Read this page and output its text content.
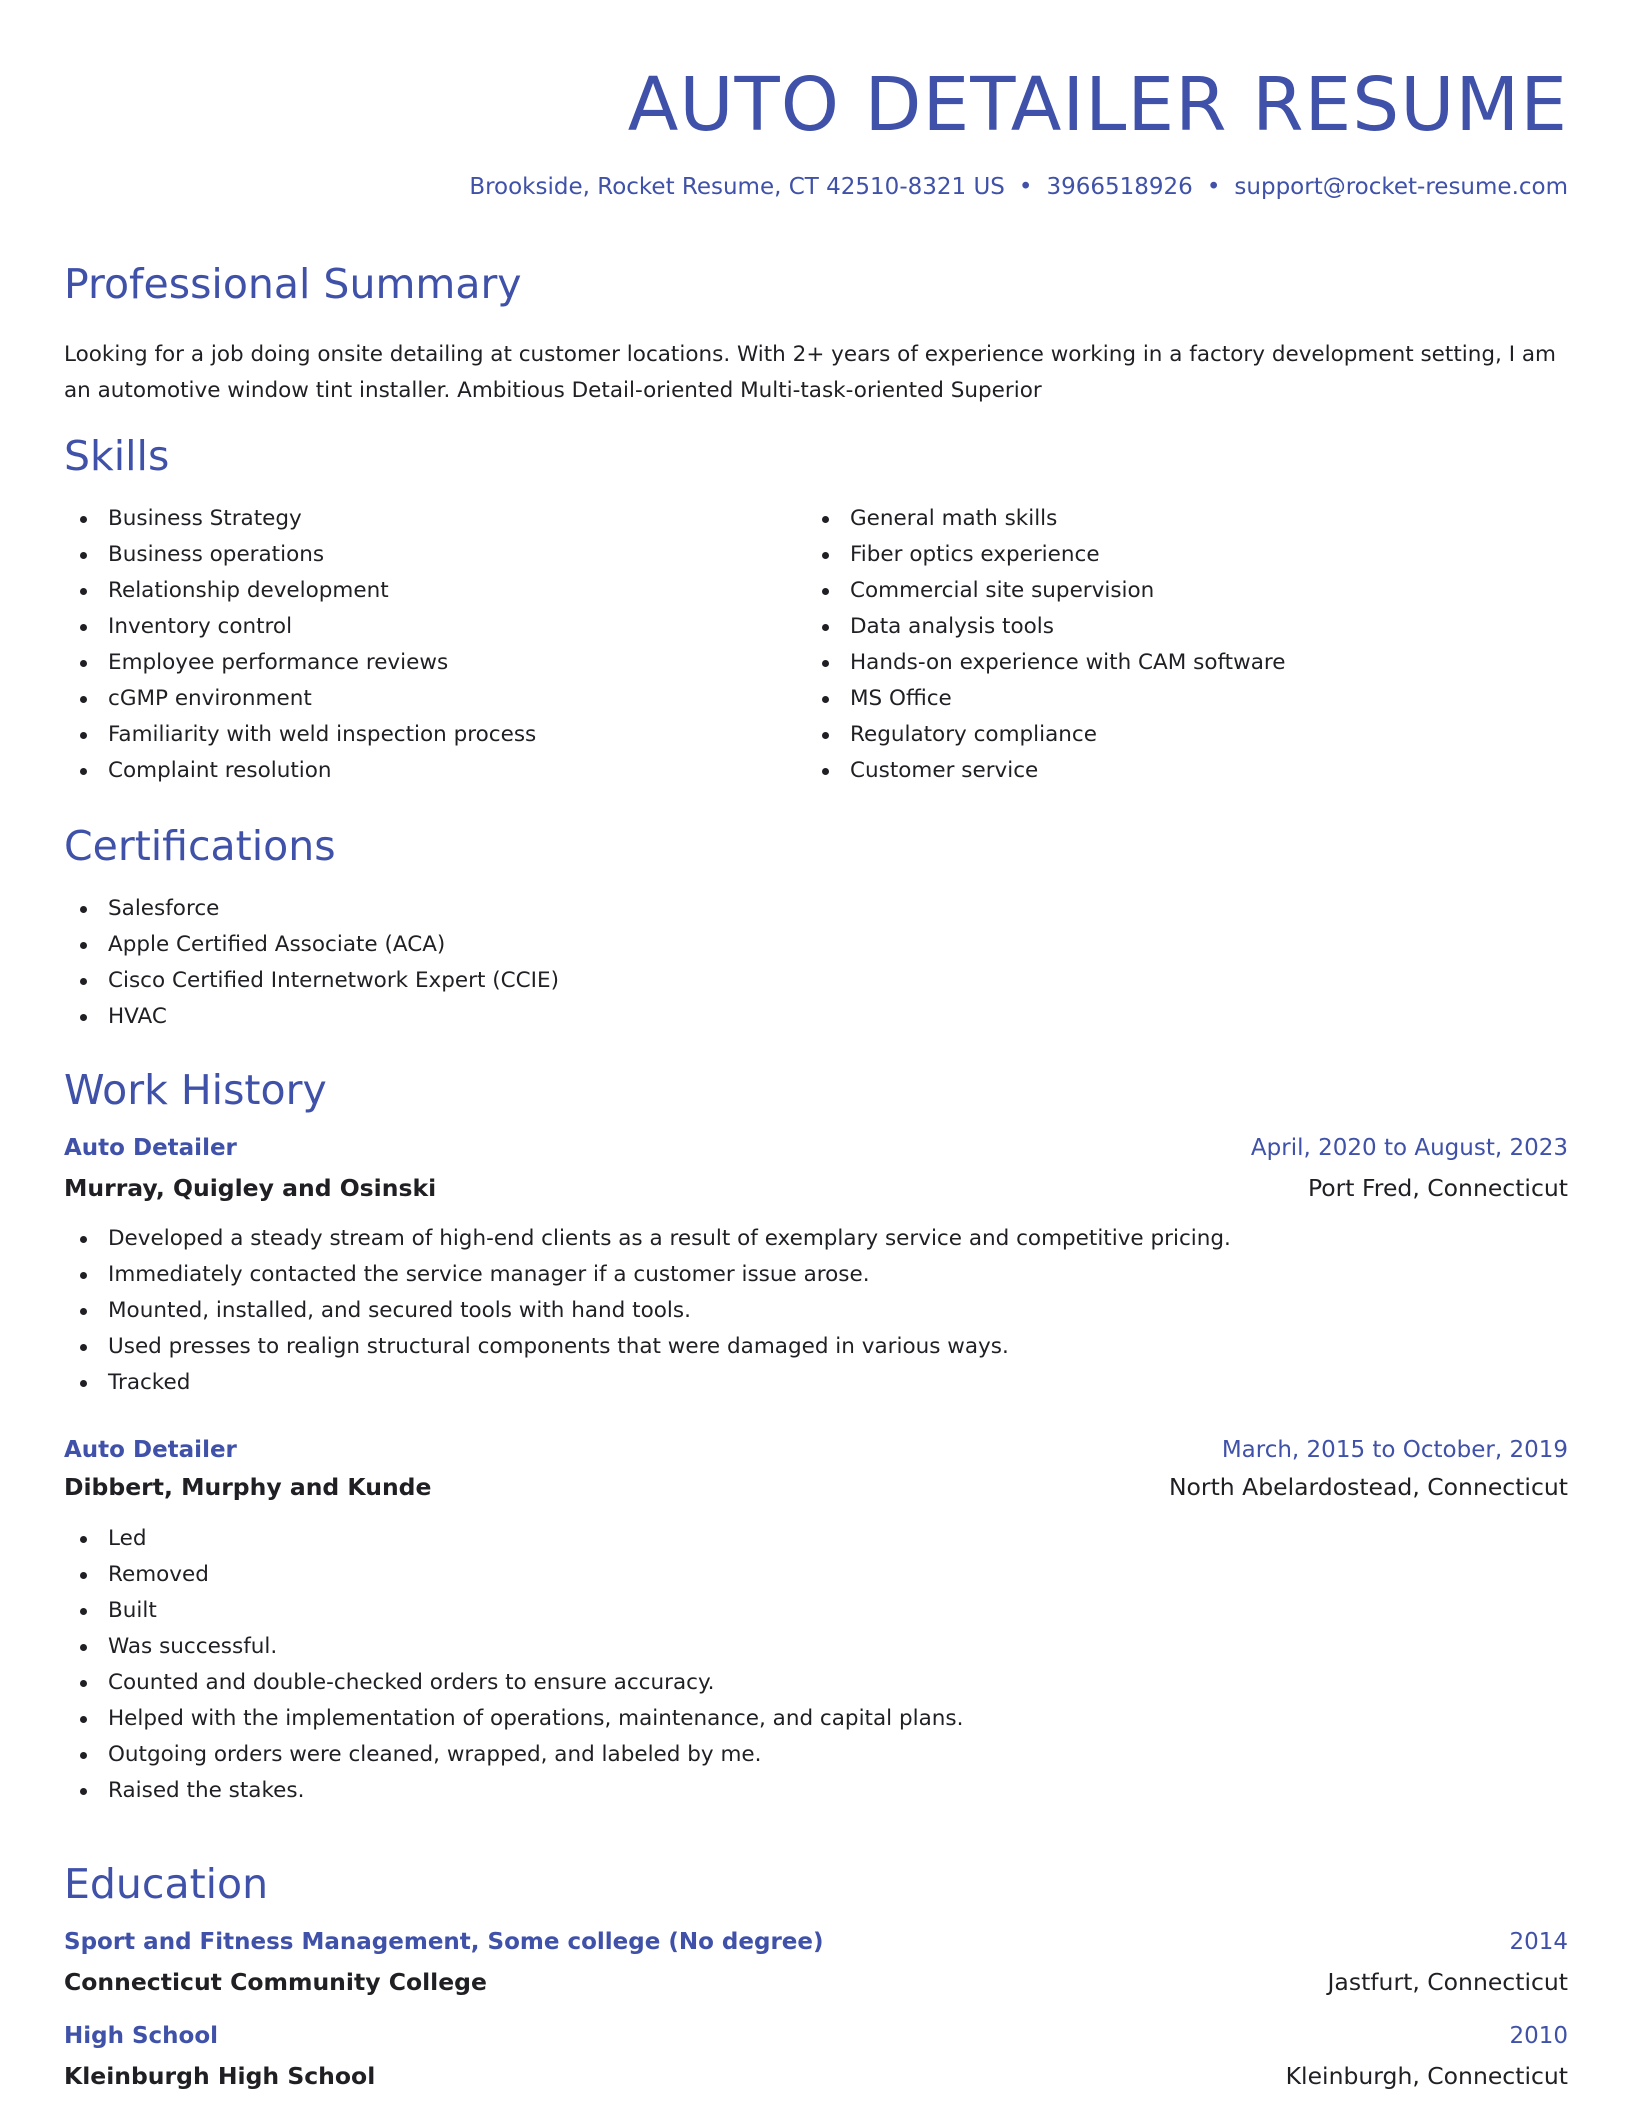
AUTO DETAILER RESUME
Brookside, Rocket Resume, CT 42510-8321 US • 3966518926 • support@rocket-resume.com
Professional Summary

Looking for a job doing onsite detailing at customer locations. With 2+ years of experience working in a factory development setting, I am an automotive window tint installer. Ambitious Detail-oriented Multi-task-oriented Superior

Skills
Business Strategy
Business operations
Relationship development
Inventory control
Employee performance reviews
cGMP environment
Familiarity with weld inspection process
Complaint resolution
General math skills
Fiber optics experience
Commercial site supervision
Data analysis tools
Hands-on experience with CAM software
MS Office
Regulatory compliance
Customer service
Certifications
Salesforce
Apple Certified Associate (ACA)
Cisco Certified Internetwork Expert (CCIE)
HVAC
Work History
Auto Detailer	April, 2020 to August, 2023
Murray, Quigley and Osinski	Port Fred, Connecticut
Developed a steady stream of high-end clients as a result of exemplary service and competitive pricing.
Immediately contacted the service manager if a customer issue arose.
Mounted, installed, and secured tools with hand tools.
Used presses to realign structural components that were damaged in various ways.
Tracked
Auto Detailer	March, 2015 to October, 2019
Dibbert, Murphy and Kunde	North Abelardostead, Connecticut
Led
Removed
Built
Was successful.
Counted and double-checked orders to ensure accuracy.
Helped with the implementation of operations, maintenance, and capital plans.
Outgoing orders were cleaned, wrapped, and labeled by me.
Raised the stakes.
Education
Sport and Fitness Management, Some college (No degree)	2014
Connecticut Community College	Jastfurt, Connecticut
High School	2010
Kleinburgh High School	Kleinburgh, Connecticut
